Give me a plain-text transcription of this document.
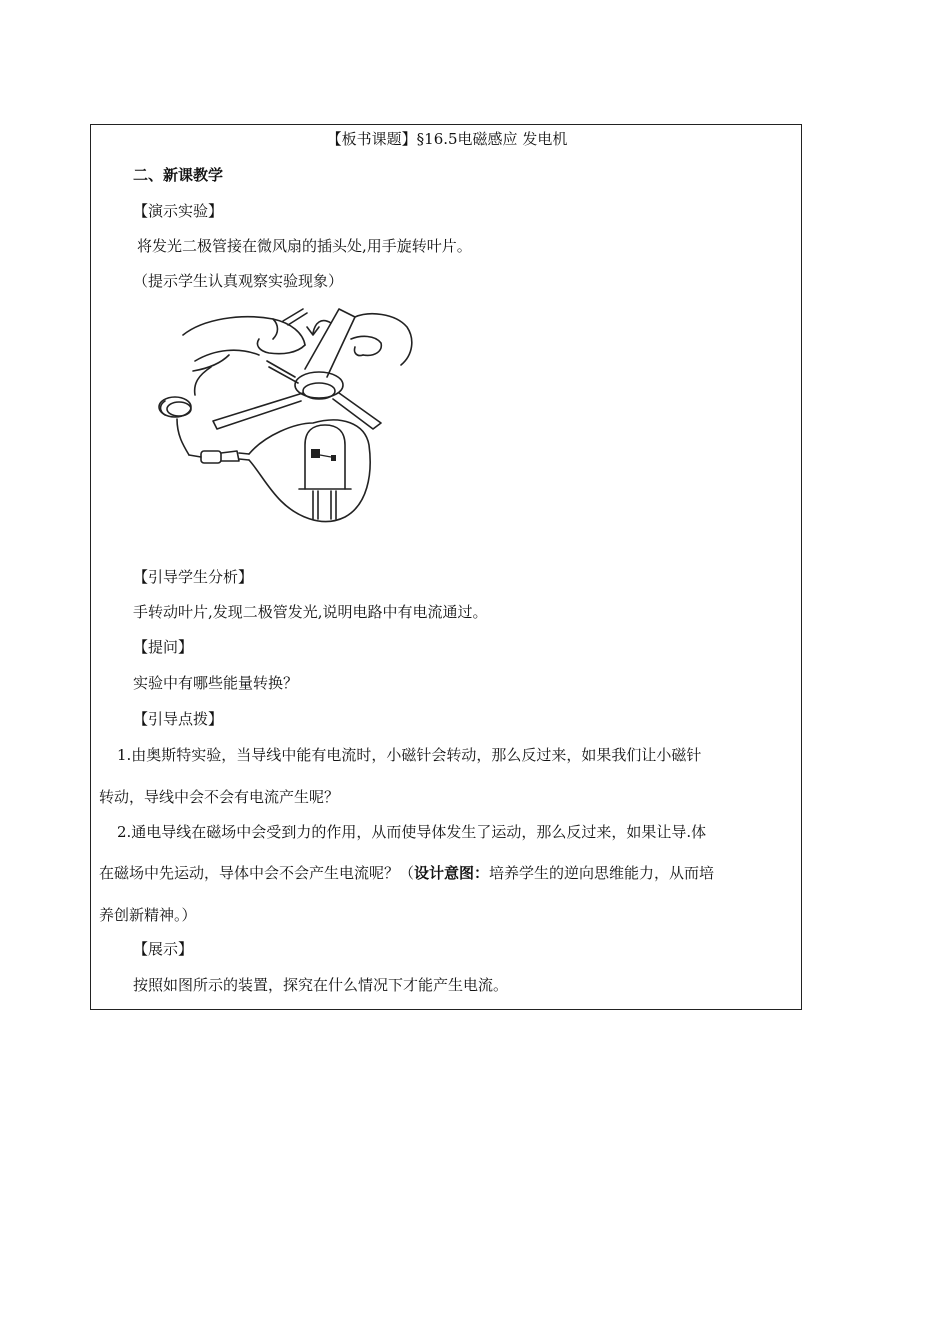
【板书课题】§16.5电磁感应 发电机
二、新课教学
【演示实验】
将发光二极管接在微风扇的插头处,用手旋转叶片。
（提示学生认真观察实验现象）
【引导学生分析】
手转动叶片,发现二极管发光,说明电路中有电流通过。
【提问】
实验中有哪些能量转换？
【引导点拨】
1.由奥斯特实验，当导线中能有电流时，小磁针会转动，那么反过来，如果我们让小磁针
转动，导线中会不会有电流产生呢？
2.通电导线在磁场中会受到力的作用，从而使导体发生了运动，那么反过来，如果让导.体
在磁场中先运动，导体中会不会产生电流呢？（设计意图：培养学生的逆向思维能力，从而培
养创新精神。）
【展示】
按照如图所示的装置，探究在什么情况下才能产生电流。
